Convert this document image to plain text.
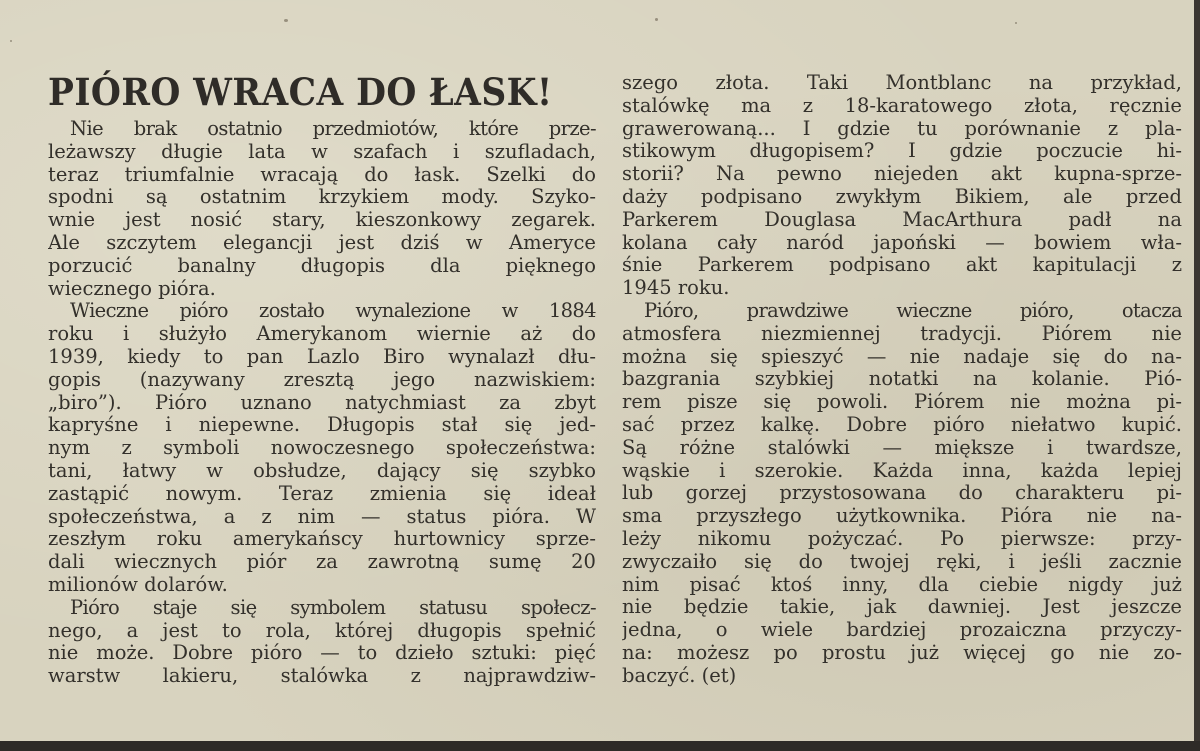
PIÓRO WRACA DO ŁASK!
Nie brak ostatnio przedmiotów, które prze-
leżawszy długie lata w szafach i szufladach,
teraz triumfalnie wracają do łask. Szelki do
spodni są ostatnim krzykiem mody. Szyko-
wnie jest nosić stary, kieszonkowy zegarek.
Ale szczytem elegancji jest dziś w Ameryce
porzucić banalny długopis dla pięknego
wiecznego pióra.
Wieczne pióro zostało wynalezione w 1884
roku i służyło Amerykanom wiernie aż do
1939, kiedy to pan Lazlo Biro wynalazł dłu-
gopis (nazywany zresztą jego nazwiskiem:
„biro”). Pióro uznano natychmiast za zbyt
kapryśne i niepewne. Długopis stał się jed-
nym z symboli nowoczesnego społeczeństwa:
tani, łatwy w obsłudze, dający się szybko
zastąpić nowym. Teraz zmienia się ideał
społeczeństwa, a z nim — status pióra. W
zeszłym roku amerykańscy hurtownicy sprze-
dali wiecznych piór za zawrotną sumę 20
milionów dolarów.
Pióro staje się symbolem statusu społecz-
nego, a jest to rola, której długopis spełnić
nie może. Dobre pióro — to dzieło sztuki: pięć
warstw lakieru, stalówka z najprawdziw-
szego złota. Taki Montblanc na przykład,
stalówkę ma z 18-karatowego złota, ręcznie
grawerowaną... I gdzie tu porównanie z pla-
stikowym długopisem? I gdzie poczucie hi-
storii? Na pewno niejeden akt kupna-sprze-
daży podpisano zwykłym Bikiem, ale przed
Parkerem Douglasa MacArthura padł na
kolana cały naród japoński — bowiem wła-
śnie Parkerem podpisano akt kapitulacji z
1945 roku.
Pióro, prawdziwe wieczne pióro, otacza
atmosfera niezmiennej tradycji. Piórem nie
można się spieszyć — nie nadaje się do na-
bazgrania szybkiej notatki na kolanie. Pió-
rem pisze się powoli. Piórem nie można pi-
sać przez kalkę. Dobre pióro niełatwo kupić.
Są różne stalówki — miększe i twardsze,
wąskie i szerokie. Każda inna, każda lepiej
lub gorzej przystosowana do charakteru pi-
sma przyszłego użytkownika. Pióra nie na-
leży nikomu pożyczać. Po pierwsze: przy-
zwyczaiło się do twojej ręki, i jeśli zacznie
nim pisać ktoś inny, dla ciebie nigdy już
nie będzie takie, jak dawniej. Jest jeszcze
jedna, o wiele bardziej prozaiczna przyczy-
na: możesz po prostu już więcej go nie zo-
baczyć. (et)
